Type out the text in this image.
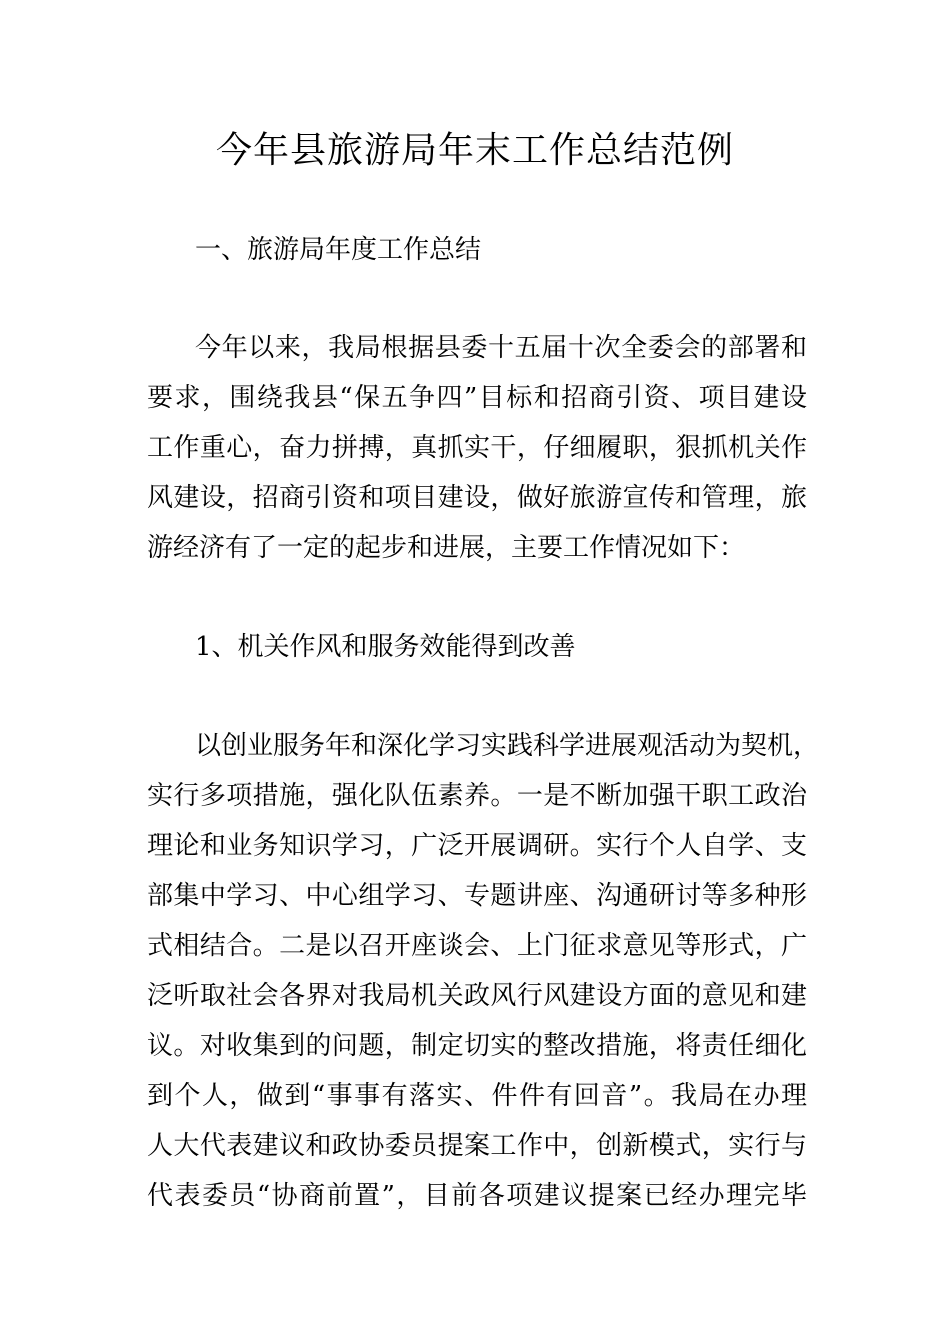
今年县旅游局年末工作总结范例

一、旅游局年度工作总结

今年以来，我局根据县委十五届十次全委会的部署和
要求，围绕我县“保五争四”目标和招商引资、项目建设
工作重心，奋力拼搏，真抓实干，仔细履职，狠抓机关作
风建设，招商引资和项目建设，做好旅游宣传和管理，旅
游经济有了一定的起步和进展，主要工作情况如下：

1、机关作风和服务效能得到改善

以创业服务年和深化学习实践科学进展观活动为契机，
实行多项措施，强化队伍素养。一是不断加强干职工政治
理论和业务知识学习，广泛开展调研。实行个人自学、支
部集中学习、中心组学习、专题讲座、沟通研讨等多种形
式相结合。二是以召开座谈会、上门征求意见等形式，广
泛听取社会各界对我局机关政风行风建设方面的意见和建
议。对收集到的问题，制定切实的整改措施，将责任细化
到个人，做到“事事有落实、件件有回音”。我局在办理
人大代表建议和政协委员提案工作中，创新模式，实行与
代表委员“协商前置”，目前各项建议提案已经办理完毕
